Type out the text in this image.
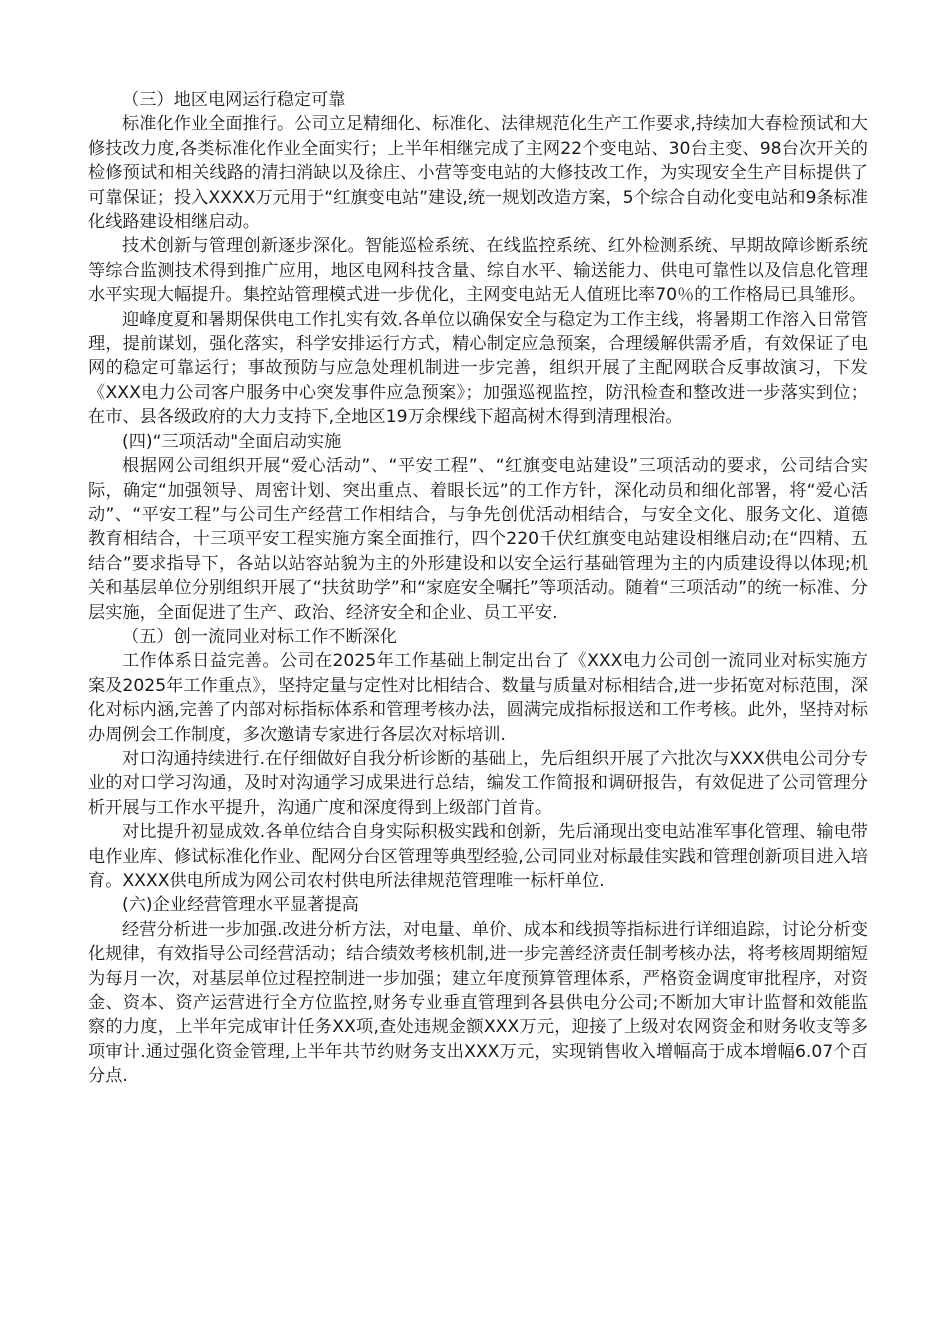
（三）地区电网运行稳定可靠

标准化作业全面推行。公司立足精细化、标准化、法律规范化生产工作要求,持续加大春检预试和大修技改力度,各类标准化作业全面实行；上半年相继完成了主网22个变电站、30台主变、98台次开关的检修预试和相关线路的清扫消缺以及徐庄、小营等变电站的大修技改工作，为实现安全生产目标提供了可靠保证；投入XXXX万元用于“红旗变电站”建设,统一规划改造方案，5个综合自动化变电站和9条标准化线路建设相继启动。

技术创新与管理创新逐步深化。智能巡检系统、在线监控系统、红外检测系统、早期故障诊断系统等综合监测技术得到推广应用，地区电网科技含量、综自水平、输送能力、供电可靠性以及信息化管理水平实现大幅提升。集控站管理模式进一步优化，主网变电站无人值班比率70％的工作格局已具雏形。

迎峰度夏和暑期保供电工作扎实有效.各单位以确保安全与稳定为工作主线，将暑期工作溶入日常管理，提前谋划，强化落实，科学安排运行方式，精心制定应急预案，合理缓解供需矛盾，有效保证了电网的稳定可靠运行；事故预防与应急处理机制进一步完善，组织开展了主配网联合反事故演习，下发《XXX电力公司客户服务中心突发事件应急预案》；加强巡视监控，防汛检查和整改进一步落实到位；在市、县各级政府的大力支持下,全地区19万余棵线下超高树木得到清理根治。

(四)“三项活动"全面启动实施

根据网公司组织开展“爱心活动”、“平安工程”、“红旗变电站建设”三项活动的要求，公司结合实际，确定“加强领导、周密计划、突出重点、着眼长远”的工作方针，深化动员和细化部署，将“爱心活动”、“平安工程”与公司生产经营工作相结合，与争先创优活动相结合，与安全文化、服务文化、道德教育相结合，十三项平安工程实施方案全面推行，四个220千伏红旗变电站建设相继启动;在“四精、五结合”要求指导下，各站以站容站貌为主的外形建设和以安全运行基础管理为主的内质建设得以体现;机关和基层单位分别组织开展了“扶贫助学”和“家庭安全嘱托”等项活动。随着“三项活动”的统一标准、分层实施，全面促进了生产、政治、经济安全和企业、员工平安.

（五）创一流同业对标工作不断深化

工作体系日益完善。公司在2025年工作基础上制定出台了《XXX电力公司创一流同业对标实施方案及2025年工作重点》，坚持定量与定性对比相结合、数量与质量对标相结合,进一步拓宽对标范围，深化对标内涵,完善了内部对标指标体系和管理考核办法，圆满完成指标报送和工作考核。此外，坚持对标办周例会工作制度，多次邀请专家进行各层次对标培训.

对口沟通持续进行.在仔细做好自我分析诊断的基础上，先后组织开展了六批次与XXX供电公司分专业的对口学习沟通，及时对沟通学习成果进行总结，编发工作简报和调研报告，有效促进了公司管理分析开展与工作水平提升，沟通广度和深度得到上级部门首肯。

对比提升初显成效.各单位结合自身实际积极实践和创新，先后涌现出变电站准军事化管理、输电带电作业库、修试标准化作业、配网分台区管理等典型经验,公司同业对标最佳实践和管理创新项目进入培育。XXXX供电所成为网公司农村供电所法律规范管理唯一标杆单位.

(六)企业经营管理水平显著提高

经营分析进一步加强.改进分析方法，对电量、单价、成本和线损等指标进行详细追踪，讨论分析变化规律，有效指导公司经营活动；结合绩效考核机制,进一步完善经济责任制考核办法，将考核周期缩短为每月一次，对基层单位过程控制进一步加强；建立年度预算管理体系，严格资金调度审批程序，对资金、资本、资产运营进行全方位监控,财务专业垂直管理到各县供电分公司;不断加大审计监督和效能监察的力度，上半年完成审计任务XX项,查处违规金额XXX万元，迎接了上级对农网资金和财务收支等多项审计.通过强化资金管理,上半年共节约财务支出XXX万元，实现销售收入增幅高于成本增幅6.07个百分点.
